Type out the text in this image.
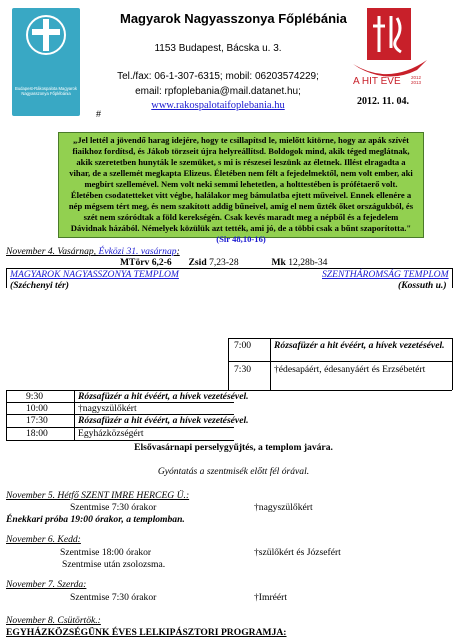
Budapest-Rákospalota Magyarok Nagyasszonya Főplébánia
Magyarok Nagyasszonya Főplébánia
1153 Budapest, Bácska u. 3.
Tel./fax: 06-1-307-6315; mobil: 06203574229;
email: rpfoplebania@mail.datanet.hu;
www.rakospalotaifoplebania.hu
#
A HIT ÉVE 2012
2013
2012. 11. 04.
„Jel lettél a jövendő harag idejére, hogy te csillapítsd le, mielőtt kitörne, hogy az apák szívét
fiaikhoz fordítsd, és Jákob törzseit újra helyreállítsd. Boldogok mind, akik téged meglátnak,
akik szeretetben hunyták le szemüket, s mi is részesei leszünk az életnek. Illést elragadta a
vihar, de a szellemét megkapta Elizeus. Életében nem félt a fejedelmektől, nem volt ember, aki
megbírt szellemével. Nem volt neki semmi lehetetlen, a holttestében is prófétaerő volt.
Életében csodatetteket vitt végbe, halálakor meg bámulatba ejtett műveivel. Ennek ellenére a
nép mégsem tért meg, és nem szakított addig bűneivel, amíg el nem űzték őket országukból, és
szét nem szóródtak a föld kerekségén. Csak kevés maradt meg a népből és a fejedelem
Dávidnak házából. Némelyek közülük azt tették, ami jó, de a többi csak a bűnt szaporította."
(Sir 48,10-16)
November 4. Vasárnap, Évközi 31. vasárnap;
MTörv 6,2-6 Zsid 7,23-28	Mk 12,28b-34
MAGYAROK NAGYASSZONYA TEMPLOM
(Széchenyi tér)
SZENTHÁROMSÁG TEMPLOM
(Kossuth u.)
7:00 Rózsafüzér a hit évéért, a hívek vezetésével.
7:30 †édesapáért, édesanyáért és Erzsébetért
9:30	Rózsafüzér a hit évéért, a hívek vezetésével.
10:00	†nagyszülőkért
17:30	Rózsafüzér a hit évéért, a hívek vezetésével.
18:00	Egyházközségért
Elsővasárnapi perselygyűjtés, a templom javára.
Gyóntatás a szentmisék előtt fél órával.
November 5. Hétfő SZENT IMRE HERCEG Ü.:
Szentmise 7:30 órakor	†nagyszülőkért
Énekkari próba 19:00 órakor, a templomban.
November 6. Kedd:
Szentmise 18:00 órakor	†szülőkért és Józsefért
Szentmise után zsolozsma.
November 7. Szerda:
Szentmise 7:30 órakor	†Imréért
November 8. Csütörtök.:
EGYHÁZKÖZSÉGÜNK ÉVES LELKIPÁSZTORI PROGRAMJA:
